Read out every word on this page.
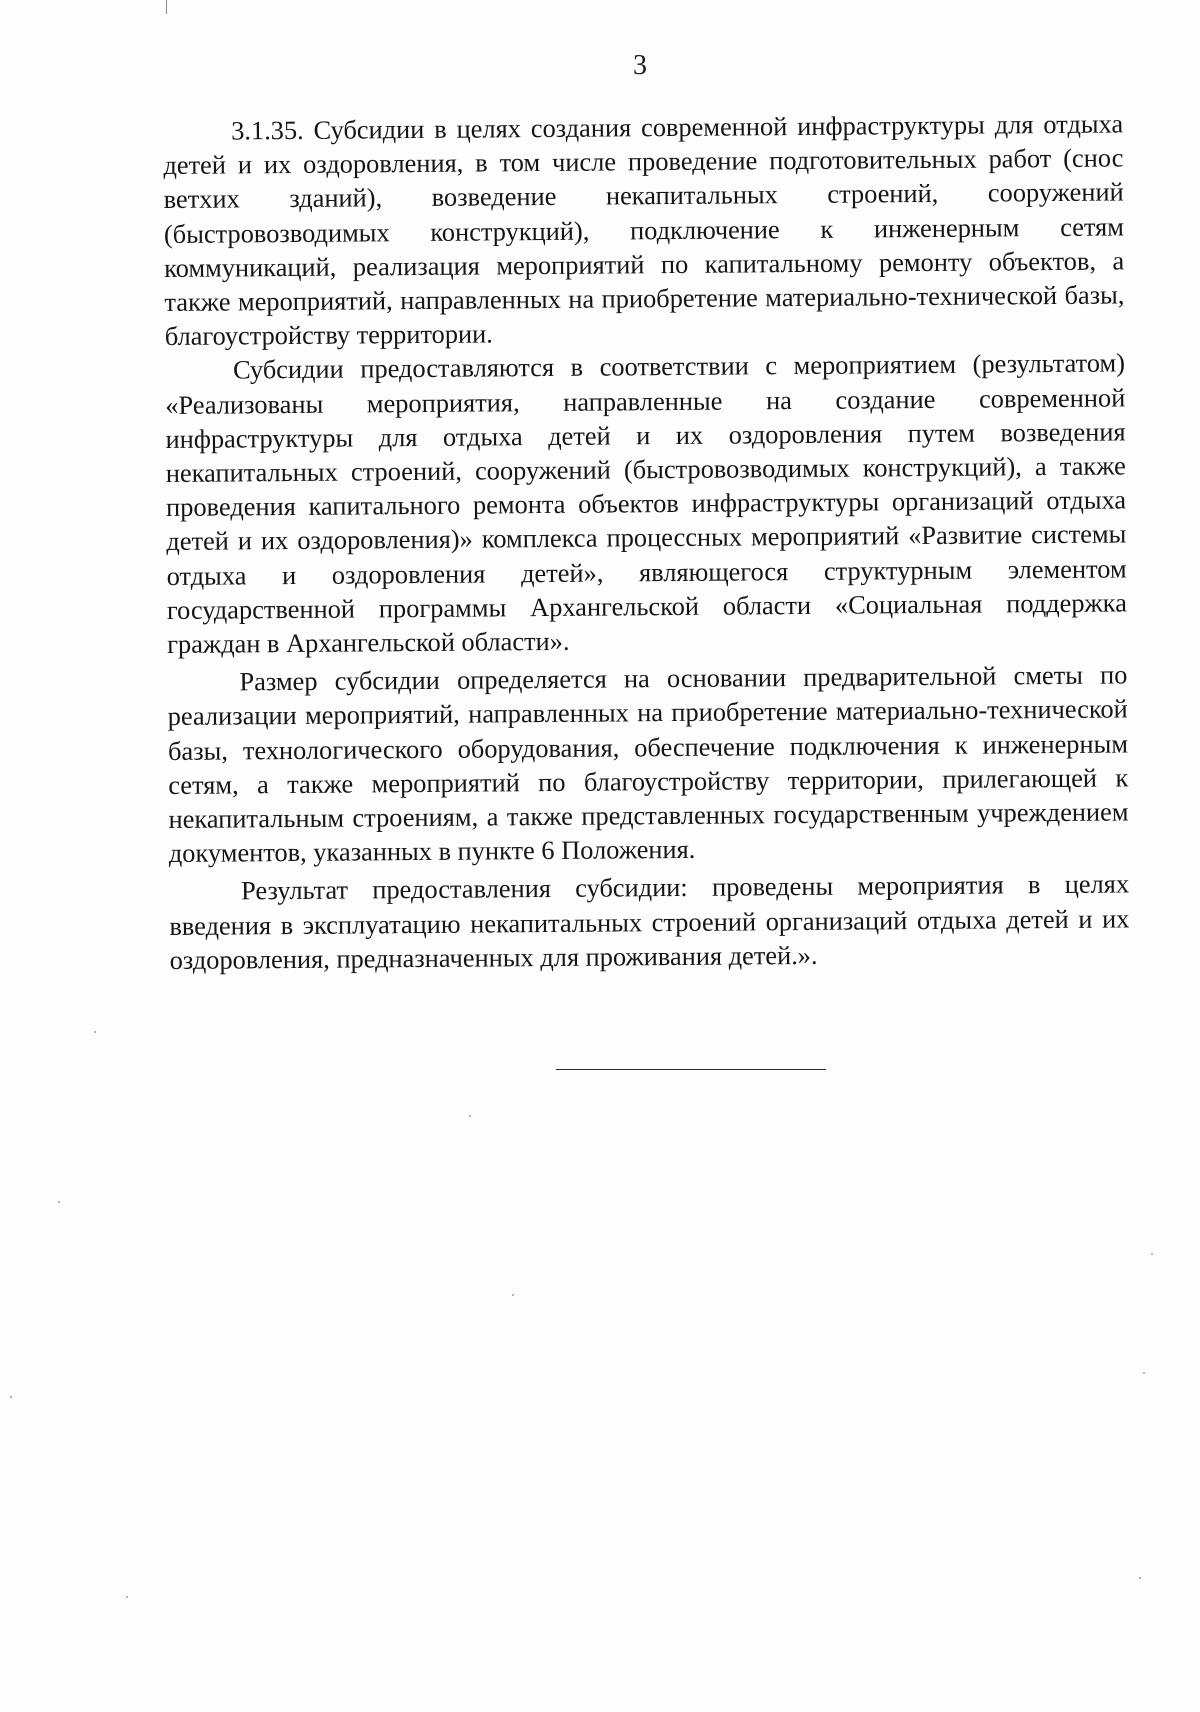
3

3.1.35. Субсидии в целях создания современной инфраструктуры для отдыха детей и их оздоровления, в том числе проведение подготовительных работ (снос ветхих зданий), возведение некапитальных строений, сооружений (быстровозводимых конструкций), подключение к инженерным сетям коммуникаций, реализация мероприятий по капитальному ремонту объектов, а также мероприятий, направленных на приобретение материально-технической базы, благоустройству территории.

Субсидии предоставляются в соответствии с мероприятием (результатом) «Реализованы мероприятия, направленные на создание современной инфраструктуры для отдыха детей и их оздоровления путем возведения некапитальных строений, сооружений (быстровозводимых конструкций), а также проведения капитального ремонта объектов инфраструктуры организаций отдыха детей и их оздоровления)» комплекса процессных мероприятий «Развитие системы отдыха и оздоровления детей», являющегося структурным элементом государственной программы Архангельской области «Социальная поддержка граждан в Архангельской области».

Размер субсидии определяется на основании предварительной сметы по реализации мероприятий, направленных на приобретение материально-технической базы, технологического оборудования, обеспечение подключения к инженерным сетям, а также мероприятий по благоустройству территории, прилегающей к некапитальным строениям, а также представленных государственным учреждением документов, указанных в пункте 6 Положения.

Результат предоставления субсидии: проведены мероприятия в целях введения в эксплуатацию некапитальных строений организаций отдыха детей и их оздоровления, предназначенных для проживания детей.».
